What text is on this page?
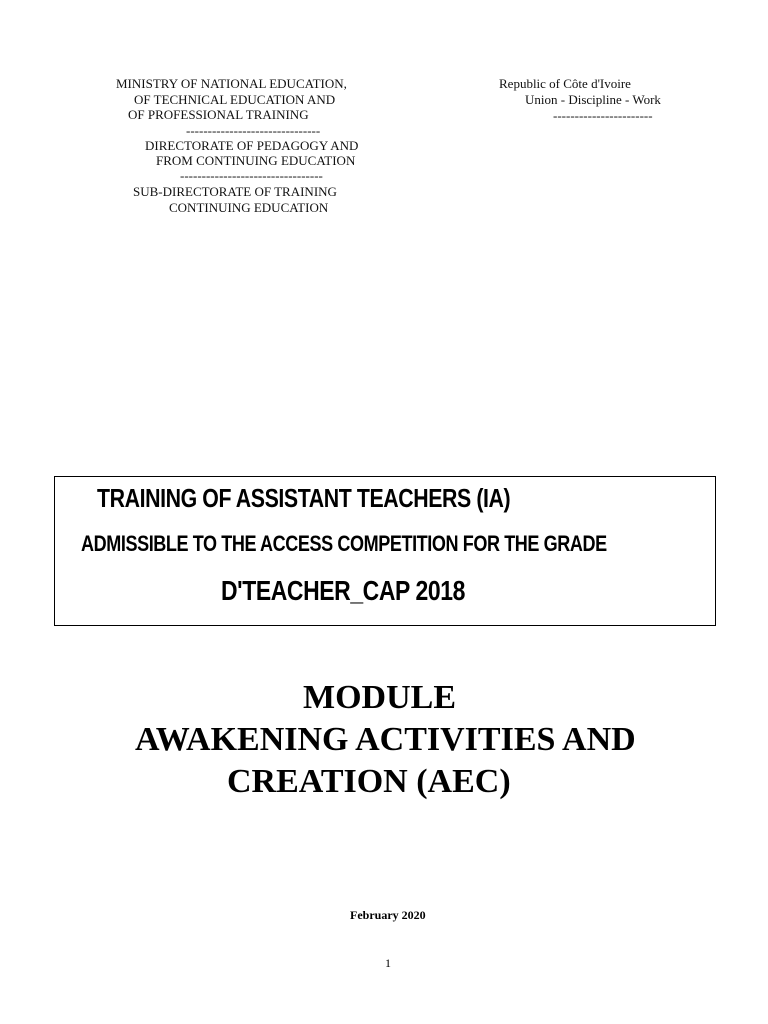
MINISTRY OF NATIONAL EDUCATION,
OF TECHNICAL EDUCATION AND
OF PROFESSIONAL TRAINING
-------------------------------
DIRECTORATE OF PEDAGOGY AND
FROM CONTINUING EDUCATION
---------------------------------
SUB-DIRECTORATE OF TRAINING
CONTINUING EDUCATION
Republic of Côte d'Ivoire
Union - Discipline - Work
-----------------------
TRAINING OF ASSISTANT TEACHERS (IA)
ADMISSIBLE TO THE ACCESS COMPETITION FOR THE GRADE
D'TEACHER_CAP 2018
MODULE
AWAKENING ACTIVITIES AND
CREATION (AEC)
February 2020
1
